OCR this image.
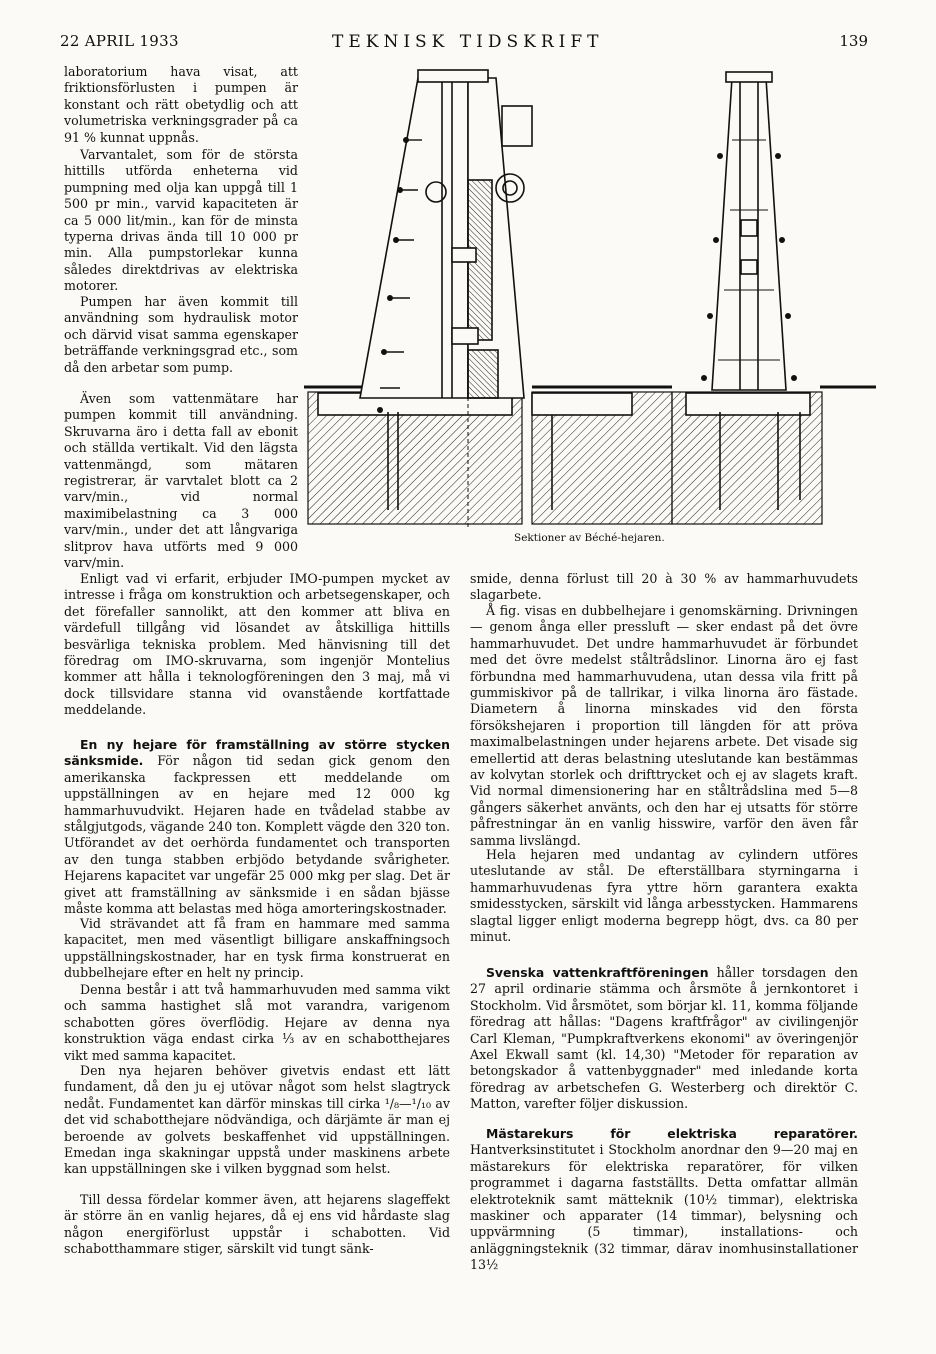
22 APRIL 1933	TEKNISK TIDSKRIFT	139

laboratorium hava visat, att friktionsförlusten i pumpen är konstant och rätt obetydlig och att volumetriska verkningsgrader på ca 91 % kunnat uppnås.

Varvantalet, som för de största hittills utförda enheterna vid pumpning med olja kan uppgå till 1 500 pr min., varvid kapaciteten är ca 5 000 lit/min., kan för de minsta typerna drivas ända till 10 000 pr min. Alla pumpstorlekar kunna således direktdrivas av elektriska motorer.

Pumpen har även kommit till användning som hydraulisk motor och därvid visat samma egenskaper beträffande verkningsgrad etc., som då den arbetar som pump.

Även som vattenmätare har pumpen kommit till användning. Skruvarna äro i detta fall av ebonit och ställda vertikalt. Vid den lägsta vattenmängd, som mätaren registrerar, är varvtalet blott ca 2 varv/min., vid normal maximibelastning ca 3 000 varv/min., under det att långvariga slitprov hava utförts med 9 000 varv/min.

Enligt vad vi erfarit, erbjuder IMO-pumpen mycket av intresse i fråga om konstruktion och arbetsegenskaper, och det förefaller sannolikt, att den kommer att bliva en värdefull tillgång vid lösandet av åtskilliga hittills besvärliga tekniska problem. Med hänvisning till det föredrag om IMO-skruvarna, som ingenjör Montelius kommer att hålla i teknologföreningen den 3 maj, må vi dock tillsvidare stanna vid ovanstående kortfattade meddelande.

En ny hejare för framställning av större stycken sänksmide. För någon tid sedan gick genom den amerikanska fackpressen ett meddelande om uppställningen av en hejare med 12 000 kg hammarhuvudvikt. Hejaren hade en tvådelad stabbe av stålgjutgods, vägande 240 ton. Komplett vägde den 320 ton. Utförandet av det oerhörda fundamentet och transporten av den tunga stabben erbjödo betydande svårigheter. Hejarens kapacitet var ungefär 25 000 mkg per slag. Det är givet att framställning av sänksmide i en sådan bjässe måste komma att belastas med höga amorteringskostnader.

Vid strävandet att få fram en hammare med samma kapacitet, men med väsentligt billigare anskaffningsoch uppställningskostnader, har en tysk firma konstruerat en dubbelhejare efter en helt ny princip.

Denna består i att två hammarhuvuden med samma vikt och samma hastighet slå mot varandra, varigenom schabotten göres överflödig. Hejare av denna nya konstruktion väga endast cirka ⅓ av en schabotthejares vikt med samma kapacitet.

Den nya hejaren behöver givetvis endast ett lätt fundament, då den ju ej utövar något som helst slagtryck nedåt. Fundamentet kan därför minskas till cirka ¹/₈—¹/₁₀ av det vid schabotthejare nödvändiga, och därjämte är man ej beroende av golvets beskaffenhet vid uppställningen. Emedan inga skakningar uppstå under maskinens arbete kan uppställningen ske i vilken byggnad som helst.

Till dessa fördelar kommer även, att hejarens slageffekt är större än en vanlig hejares, då ej ens vid hårdaste slag någon energiförlust uppstår i schabotten. Vid schabotthammare stiger, särskilt vid tungt sänk-

Sektioner av Béché-hejaren.

smide, denna förlust till 20 à 30 % av hammarhuvudets slagarbete.

Å fig. visas en dubbelhejare i genomskärning. Drivningen — genom ånga eller pressluft — sker endast på det övre hammarhuvudet. Det undre hammarhuvudet är förbundet med det övre medelst ståltrådslinor. Linorna äro ej fast förbundna med hammarhuvudena, utan dessa vila fritt på gummiskivor på de tallrikar, i vilka linorna äro fästade. Diametern å linorna minskades vid den första försökshejaren i proportion till längden för att pröva maximalbelastningen under hejarens arbete. Det visade sig emellertid att deras belastning uteslutande kan bestämmas av kolvytan storlek och drifttrycket och ej av slagets kraft. Vid normal dimensionering har en ståltrådslina med 5—8 gångers säkerhet använts, och den har ej utsatts för större påfrestningar än en vanlig hisswire, varför den även får samma livslängd.

Hela hejaren med undantag av cylindern utföres uteslutande av stål. De efterställbara styrningarna i hammarhuvudenas fyra yttre hörn garantera exakta smidesstycken, särskilt vid långa arbesstycken. Hammarens slagtal ligger enligt moderna begrepp högt, dvs. ca 80 per minut.

Svenska vattenkraftföreningen håller torsdagen den 27 april ordinarie stämma och årsmöte å jernkontoret i Stockholm. Vid årsmötet, som börjar kl. 11, komma följande föredrag att hållas: "Dagens kraftfrågor" av civilingenjör Carl Kleman, "Pumpkraftverkens ekonomi" av överingenjör Axel Ekwall samt (kl. 14,30) "Metoder för reparation av betongskador å vattenbyggnader" med inledande korta föredrag av arbetschefen G. Westerberg och direktör C. Matton, varefter följer diskussion.

Mästarekurs för elektriska reparatörer. Hantverksinstitutet i Stockholm anordnar den 9—20 maj en mästarekurs för elektriska reparatörer, för vilken programmet i dagarna fastställts. Detta omfattar allmän elektroteknik samt mätteknik (10½ timmar), elektriska maskiner och apparater (14 timmar), belysning och uppvärmning (5 timmar), installations- och anläggningsteknik (32 timmar, därav inomhusinstallationer 13½
